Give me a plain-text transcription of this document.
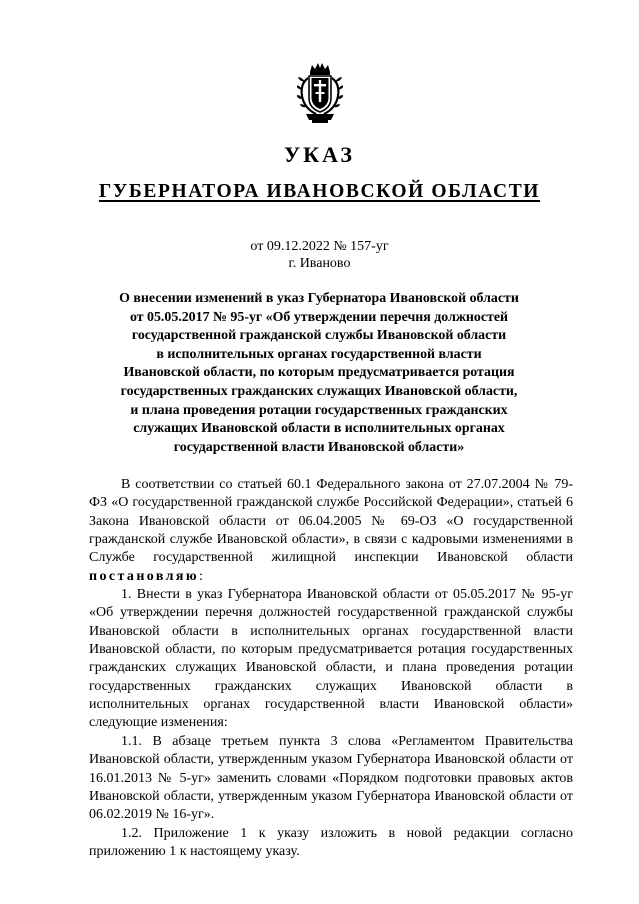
УКАЗ
ГУБЕРНАТОРА ИВАНОВСКОЙ ОБЛАСТИ
от 09.12.2022 № 157-уг
г. Иваново
О внесении изменений в указ Губернатора Ивановской области
от 05.05.2017 № 95-уг «Об утверждении перечня должностей
государственной гражданской службы Ивановской области
в исполнительных органах государственной власти
Ивановской области, по которым предусматривается ротация
государственных гражданских служащих Ивановской области,
и плана проведения ротации государственных гражданских
служащих Ивановской области в исполнительных органах
государственной власти Ивановской области»

В соответствии со статьей 60.1 Федерального закона от 27.07.2004 № 79-ФЗ «О государственной гражданской службе Российской Федерации», статьей 6 Закона Ивановской области от 06.04.2005 № 69-ОЗ «О государственной гражданской службе Ивановской области», в связи с кадровыми изменениями в Службе государственной жилищной инспекции Ивановской области постановляю:

1. Внести в указ Губернатора Ивановской области от 05.05.2017 № 95-уг «Об утверждении перечня должностей государственной гражданской службы Ивановской области в исполнительных органах государственной власти Ивановской области, по которым предусматривается ротация государственных гражданских служащих Ивановской области, и плана проведения ротации государственных гражданских служащих Ивановской области в исполнительных органах государственной власти Ивановской области» следующие изменения:

1.1. В абзаце третьем пункта 3 слова «Регламентом Правительства Ивановской области, утвержденным указом Губернатора Ивановской области от 16.01.2013 № 5-уг» заменить словами «Порядком подготовки правовых актов Ивановской области, утвержденным указом Губернатора Ивановской области от 06.02.2019 № 16-уг».

1.2. Приложение 1 к указу изложить в новой редакции согласно приложению 1 к настоящему указу.
